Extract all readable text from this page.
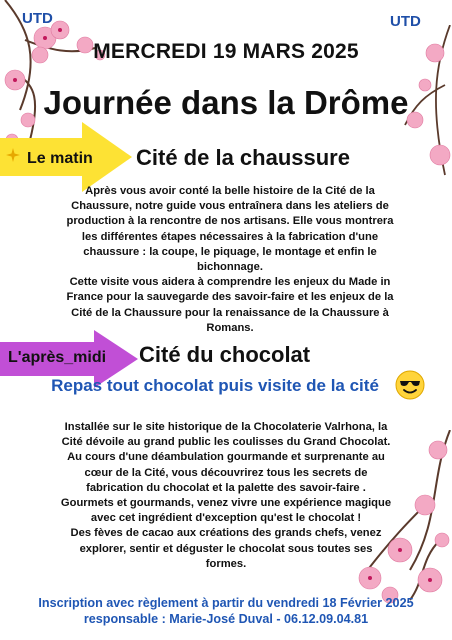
UTD	UTD
MERCREDI 19 MARS 2025
Journée dans la Drôme
Le matin Cité de la chaussure
Après vous avoir conté la belle histoire de la Cité de la
Chaussure, notre guide vous entraînera dans les ateliers de
production à la rencontre de nos artisans. Elle vous montrera
les différentes étapes nécessaires à la fabrication d'une
chaussure : la coupe, le piquage, le montage et enfin le
bichonnage.
Cette visite vous aidera à comprendre les enjeux du Made in
France pour la sauvegarde des savoir-faire et les enjeux de la
Cité de la Chaussure pour la renaissance de la Chaussure à
Romans.
L'après_midi Cité du chocolat
Repas tout chocolat puis visite de la cité
Installée sur le site historique de la Chocolaterie Valrhona, la
Cité dévoile au grand public les coulisses du Grand Chocolat.
Au cours d'une déambulation gourmande et surprenante au
cœur de la Cité, vous découvrirez tous les secrets de
fabrication du chocolat et la palette des savoir-faire .
Gourmets et gourmands, venez vivre une expérience magique
avec cet ingrédient d'exception qu'est le chocolat !
Des fèves de cacao aux créations des grands chefs, venez
explorer, sentir et déguster le chocolat sous toutes ses
formes.
Inscription avec règlement à partir du vendredi 18 Février 2025
responsable : Marie-José Duval - 06.12.09.04.81
